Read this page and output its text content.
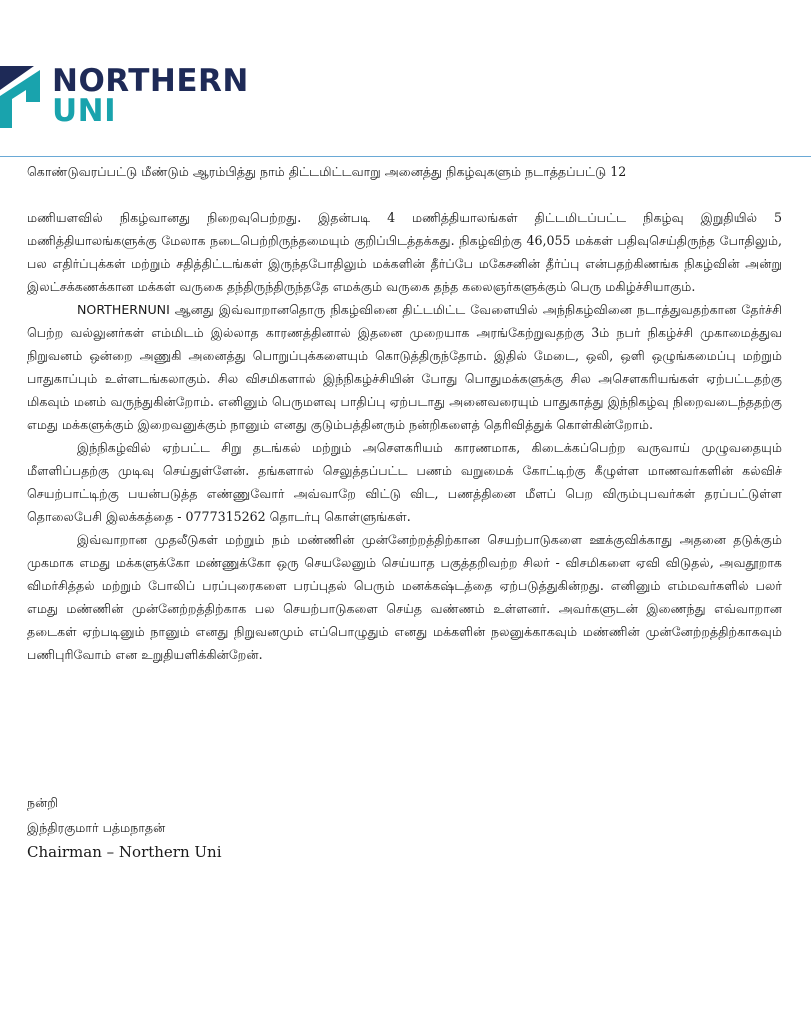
NORTHERN
UNI

கொண்டுவரப்பட்டு மீண்டும் ஆரம்பித்து நாம் திட்டமிட்டவாறு அனைத்து நிகழ்வுகளும் நடாத்தப்பட்டு 12

மணியளவில் நிகழ்வானது நிறைவுபெற்றது. இதன்படி 4 மணித்தியாலங்கள் திட்டமிடப்பட்ட நிகழ்வு இறுதியில் 5 மணித்தியாலங்களுக்கு மேலாக நடைபெற்றிருந்தமையும் குறிப்பிடத்தக்கது. நிகழ்விற்கு 46,055 மக்கள் பதிவுசெய்திருந்த போதிலும், பல எதிர்ப்புக்கள் மற்றும் சதித்திட்டங்கள் இருந்தபோதிலும் மக்களின் தீர்ப்பே மகேசனின் தீர்ப்பு என்பதற்கிணங்க நிகழ்வின் அன்று இலட்சக்கணக்கான மக்கள் வருகை தந்திருந்திருந்ததே எமக்கும் வருகை தந்த கலைஞர்களுக்கும் பெரு மகிழ்ச்சியாகும்.

NORTHERNUNI ஆனது இவ்வாறானதொரு நிகழ்வினை திட்டமிட்ட வேளையில் அந்நிகழ்வினை நடாத்துவதற்கான தேர்ச்சி பெற்ற வல்லுனர்கள் எம்மிடம் இல்லாத காரணத்தினால் இதனை முறையாக அரங்கேற்றுவதற்கு 3ம் நபர் நிகழ்ச்சி முகாமைத்துவ நிறுவனம் ஒன்றை அணுகி அனைத்து பொறுப்புக்களையும் கொடுத்திருந்தோம். இதில் மேடை, ஒலி, ஒளி ஒழுங்கமைப்பு மற்றும் பாதுகாப்பும் உள்ளடங்கலாகும். சில விசமிகளால் இந்நிகழ்ச்சியின் போது பொதுமக்களுக்கு சில அசௌகரியங்கள் ஏற்பட்டதற்கு மிகவும் மனம் வருந்துகின்றோம். எனினும் பெருமளவு பாதிப்பு ஏற்படாது அனைவரையும் பாதுகாத்து இந்நிகழ்வு நிறைவடைந்ததற்கு எமது மக்களுக்கும் இறைவனுக்கும் நானும் எனது குடும்பத்தினரும் நன்றிகளைத் தெரிவித்துக் கொள்கின்றோம்.

இந்நிகழ்வில் ஏற்பட்ட சிறு தடங்கல் மற்றும் அசௌகரியம் காரணமாக, கிடைக்கப்பெற்ற வருவாய் முழுவதையும் மீளளிப்பதற்கு முடிவு செய்துள்ளேன். தங்களால் செலுத்தப்பட்ட பணம் வறுமைக் கோட்டிற்கு கீழுள்ள மாணவர்களின் கல்விச் செயற்பாட்டிற்கு பயன்படுத்த எண்ணுவோர் அவ்வாறே விட்டு விட, பணத்தினை மீளப் பெற விரும்புபவர்கள் தரப்பட்டுள்ள தொலைபேசி இலக்கத்தை - 0777315262 தொடர்பு கொள்ளுங்கள்.

இவ்வாறான முதலீடுகள் மற்றும் நம் மண்ணின் முன்னேற்றத்திற்கான செயற்பாடுகளை ஊக்குவிக்காது அதனை தடுக்கும் முகமாக எமது மக்களுக்கோ மண்ணுக்கோ ஒரு செயலேனும் செய்யாத பகுத்தறிவற்ற சிலர் - விசமிகளை ஏவி விடுதல், அவதூறாக விமர்சித்தல் மற்றும் போலிப் பரப்புரைகளை பரப்புதல் பெரும் மனக்கஷ்டத்தை ஏற்படுத்துகின்றது. எனினும் எம்மவர்களில் பலர் எமது மண்ணின் முன்னேற்றத்திற்காக பல செயற்பாடுகளை செய்த வண்ணம் உள்ளனர். அவர்களுடன் இணைந்து எவ்வாறான தடைகள் ஏற்படினும் நானும் எனது நிறுவனமும் எப்பொழுதும் எனது மக்களின் நலனுக்காகவும் மண்ணின் முன்னேற்றத்திற்காகவும் பணிபுரிவோம் என உறுதியளிக்கின்றேன்.

நன்றி
இந்திரகுமார் பத்மநாதன்
Chairman – Northern Uni
